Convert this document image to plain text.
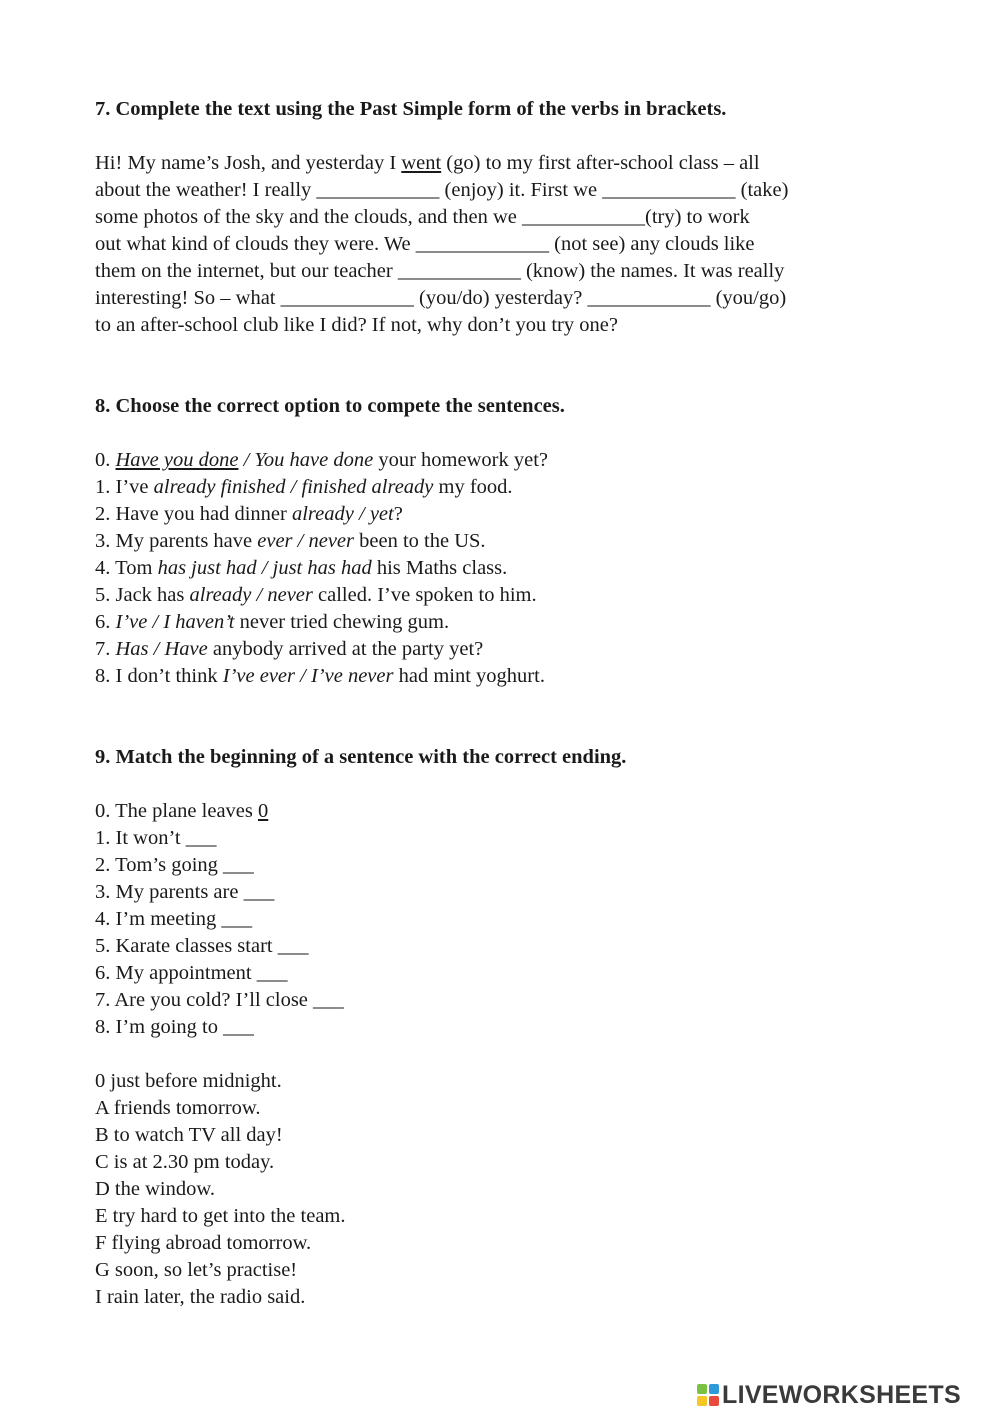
7. Complete the text using the Past Simple form of the verbs in brackets.

Hi! My name’s Josh, and yesterday I went (go) to my first after-school class – all
about the weather! I really ____________ (enjoy) it. First we _____________ (take)
some photos of the sky and the clouds, and then we ____________(try) to work
out what kind of clouds they were. We _____________ (not see) any clouds like
them on the internet, but our teacher ____________ (know) the names. It was really
interesting! So – what _____________ (you/do) yesterday? ____________ (you/go)
to an after-school club like I did? If not, why don’t you try one?

8. Choose the correct option to compete the sentences.

0. Have you done / You have done your homework yet?

1. I’ve already finished / finished already my food.

2. Have you had dinner already / yet?

3. My parents have ever / never been to the US.

4. Tom has just had / just has had his Maths class.

5. Jack has already / never called. I’ve spoken to him.

6. I’ve / I haven’t never tried chewing gum.

7. Has / Have anybody arrived at the party yet?

8. I don’t think I’ve ever / I’ve never had mint yoghurt.

9. Match the beginning of a sentence with the correct ending.

0. The plane leaves 0

1. It won’t ___

2. Tom’s going ___

3. My parents are ___

4. I’m meeting ___

5. Karate classes start ___

6. My appointment ___

7. Are you cold? I’ll close ___

8. I’m going to ___

0 just before midnight.

A friends tomorrow.

B to watch TV all day!

C is at 2.30 pm today.

D the window.

E try hard to get into the team.

F flying abroad tomorrow.

G soon, so let’s practise!

I rain later, the radio said.

LIVEWORKSHEETS
